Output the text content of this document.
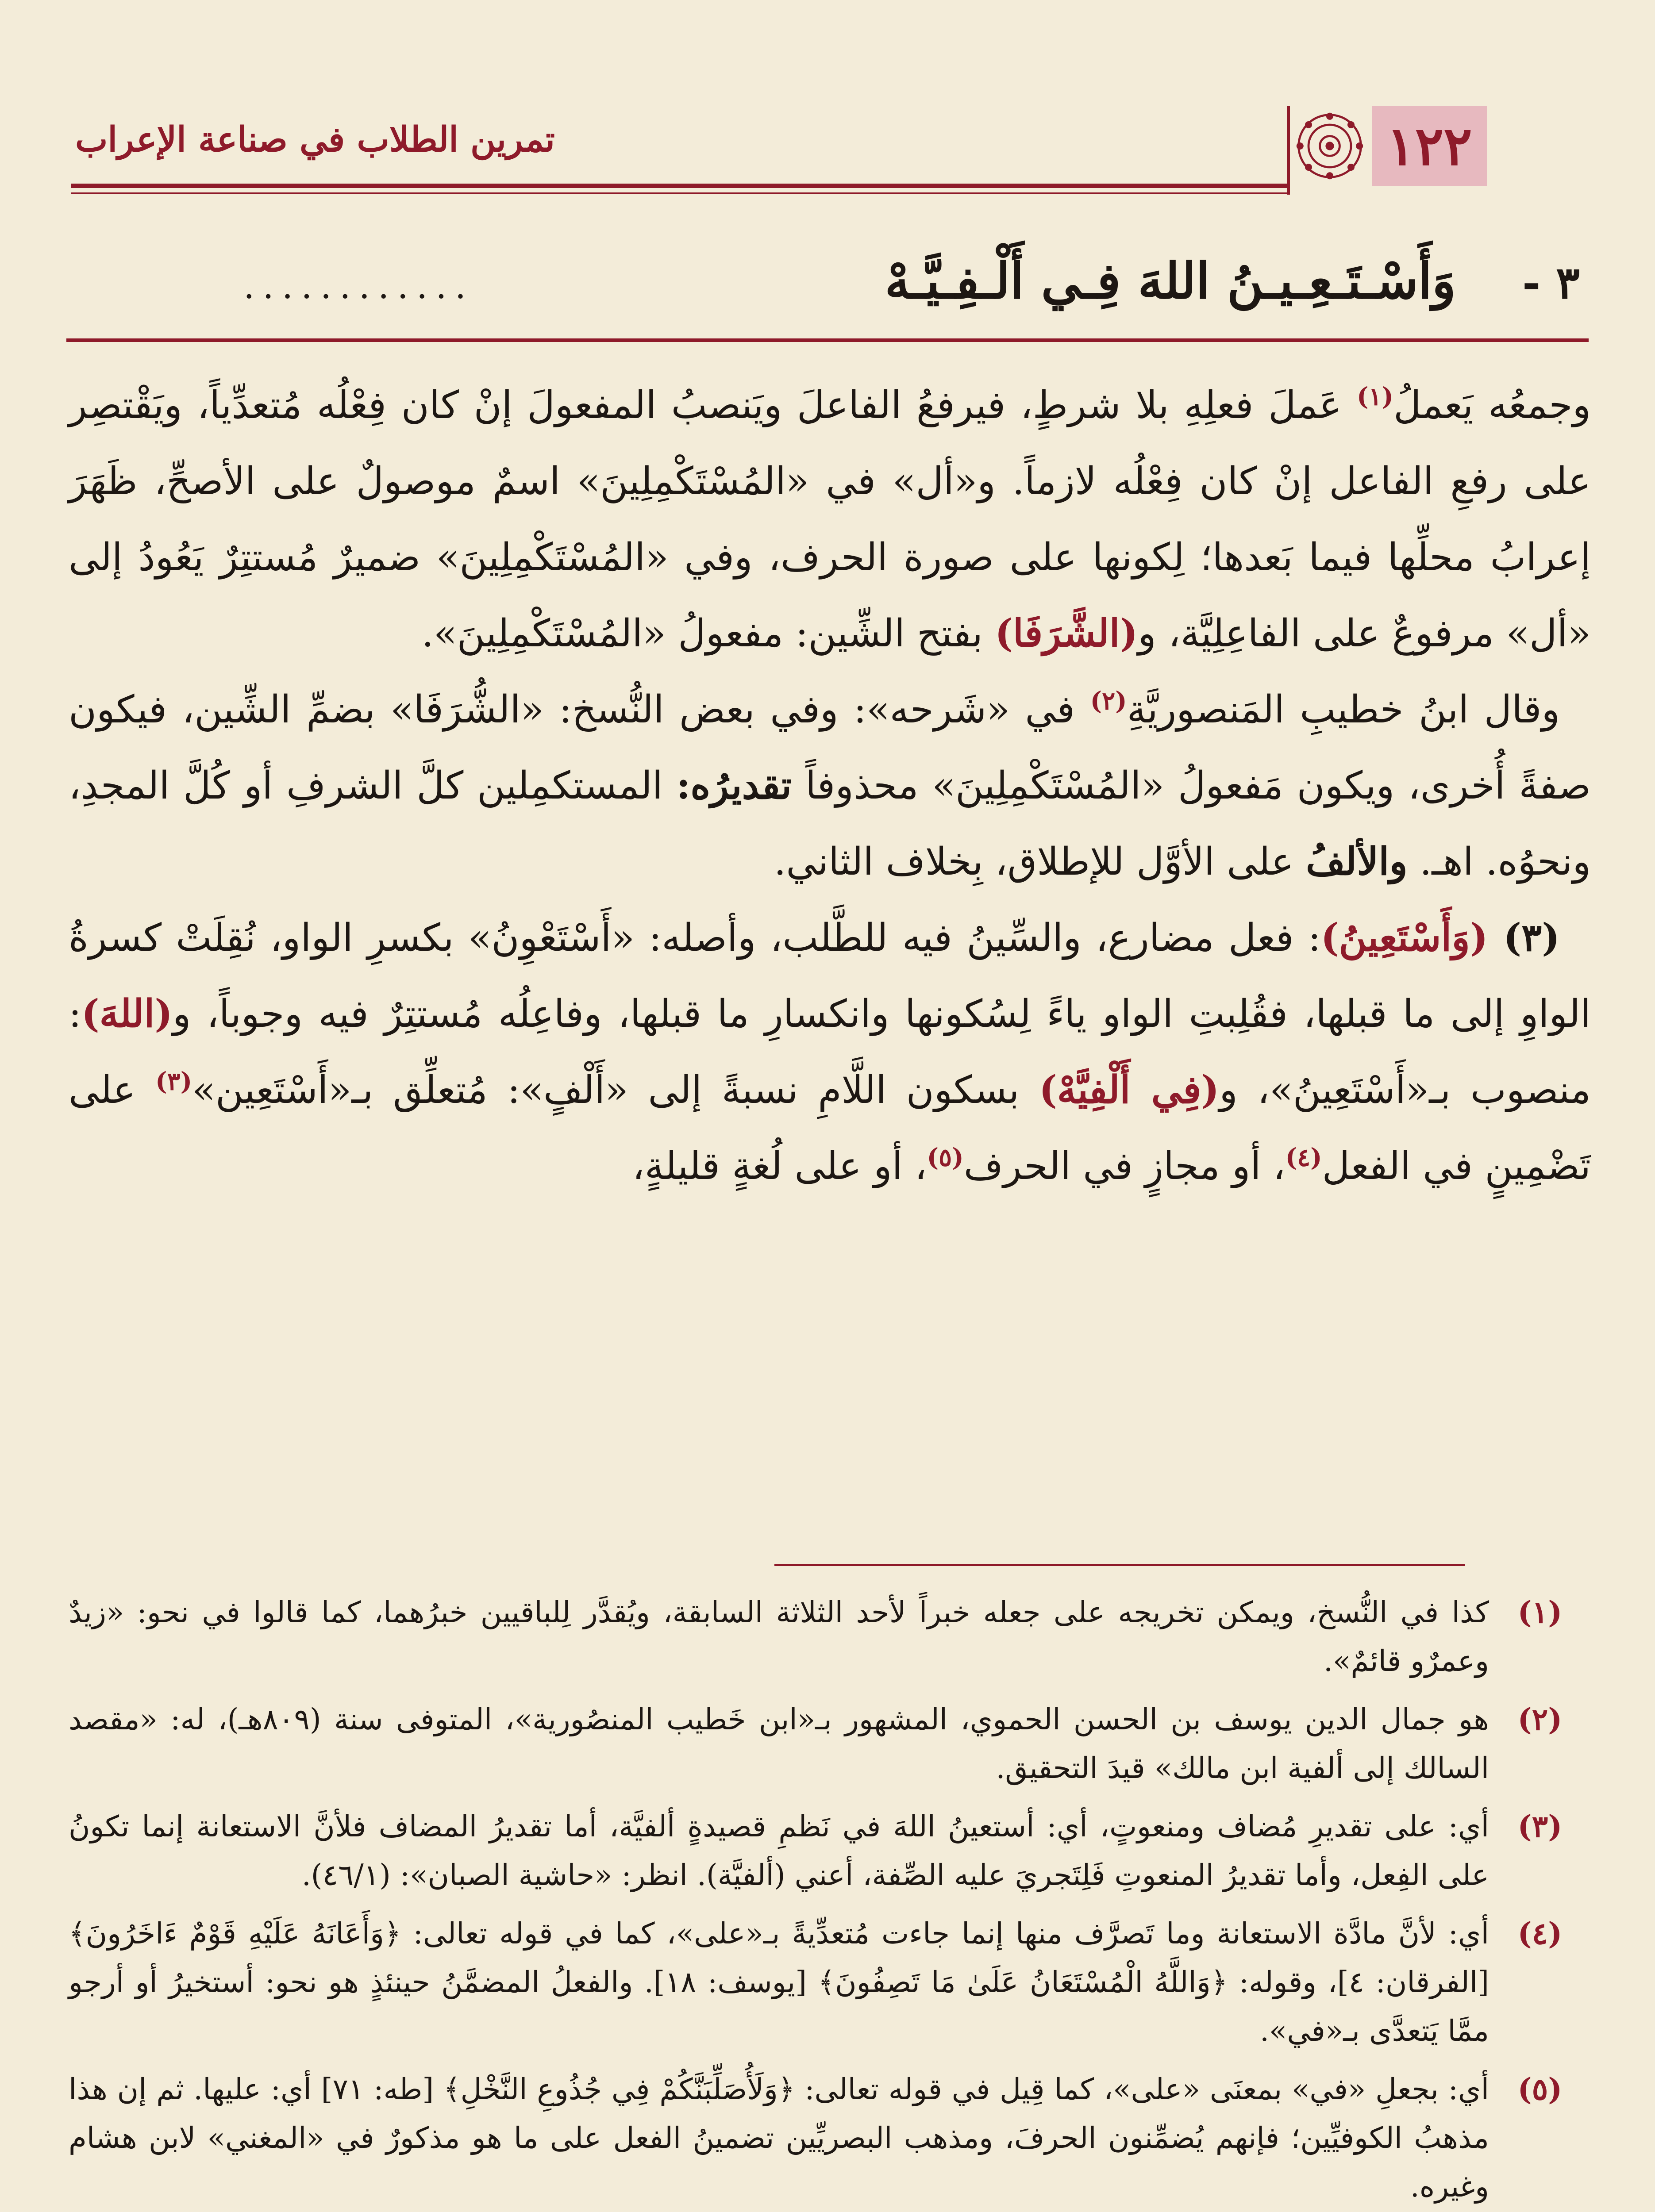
١٢٢
تمرين الطلاب في صناعة الإعراب
٣ -
وَأَسْـتَـعِـيـنُ اللهَ فِـي أَلْـفِـيَّـهْ
............

وجمعُه يَعملُ$^{(١)}$ عَملَ فعلِهِ بلا شرطٍ، فيرفعُ الفاعلَ ويَنصبُ المفعولَ إنْ كان فِعْلُه مُتعدِّياً، ويَقْتصِر على رفعِ الفاعل إنْ كان فِعْلُه لازماً. و«أل» في «المُسْتَكْمِلِينَ» اسمٌ موصولٌ على الأصحِّ، ظَهَرَ إعرابُ محلِّها فيما بَعدها؛ لِكونها على صورة الحرف، وفي «المُسْتَكْمِلِينَ» ضميرٌ مُستتِرٌ يَعُودُ إلى «أل» مرفوعٌ على الفاعِلِيَّة، و(الشَّرَفَا) بفتح الشِّين: مفعولُ «المُسْتَكْمِلِينَ».

وقال ابنُ خطيبِ المَنصوريَّةِ$^{(٢)}$ في «شَرحه»: وفي بعض النُّسخ: «الشُّرَفَا» بضمِّ الشِّين، فيكون صفةً أُخرى، ويكون مَفعولُ «المُسْتَكْمِلِينَ» محذوفاً تقديرُه: المستكمِلين كلَّ الشرفِ أو كُلَّ المجدِ، ونحوُه. اهـ. والألفُ على الأوَّل للإطلاق، بِخلاف الثاني.

(٣) (وَأَسْتَعِينُ): فعل مضارع، والسِّينُ فيه للطَّلب، وأصله: «أَسْتَعْوِنُ» بكسرِ الواو، نُقِلَتْ كسرةُ الواوِ إلى ما قبلها، فقُلِبتِ الواو ياءً لِسُكونها وانكسارِ ما قبلها، وفاعِلُه مُستتِرٌ فيه وجوباً، و(اللهَ): منصوب بـ«أَسْتَعِينُ»، و(فِي أَلْفِيَّهْ) بسكون اللَّامِ نسبةً إلى «أَلْفٍ»: مُتعلِّق بـ«أَسْتَعِين»$^{(٣)}$ على تَضْمِينٍ في الفعل$^{(٤)}$، أو مجازٍ في الحرف$^{(٥)}$، أو على لُغةٍ قليلةٍ،

(١)
كذا في النُّسخ، ويمكن تخريجه على جعله خبراً لأحد الثلاثة السابقة، ويُقدَّر لِلباقيين خبرُهما، كما قالوا في نحو: «زيدٌ وعمرٌو قائمٌ».
(٢)
هو جمال الدين يوسف بن الحسن الحموي، المشهور بـ«ابن خَطيب المنصُورية»، المتوفى سنة (٨٠٩هـ)، له: «مقصد السالك إلى ألفية ابن مالك» قيدَ التحقيق.
(٣)
أي: على تقديرِ مُضاف ومنعوتٍ، أي: أستعينُ اللهَ في نَظمِ قصيدةٍ ألفيَّة، أما تقديرُ المضاف فلأنَّ الاستعانة إنما تكونُ على الفِعل، وأما تقديرُ المنعوتِ فَلِتَجريَ عليه الصِّفة، أعني (ألفيَّة). انظر: «حاشية الصبان»: (٤٦/١).
(٤)
أي: لأنَّ مادَّة الاستعانة وما تَصرَّف منها إنما جاءت مُتعدِّيةً بـ«على»، كما في قوله تعالى: ﴿وَأَعَانَهُ عَلَيْهِ قَوْمٌ ءَاخَرُونَ﴾ [الفرقان: ٤]، وقوله: ﴿وَاللَّهُ الْمُسْتَعَانُ عَلَىٰ مَا تَصِفُونَ﴾ [يوسف: ١٨]. والفعلُ المضمَّنُ حينئذٍ هو نحو: أستخيرُ أو أرجو ممَّا يَتعدَّى بـ«في».
(٥)
أي: بجعلِ «في» بمعنَى «على»، كما قِيل في قوله تعالى: ﴿وَلَأُصَلِّبَنَّكُمْ فِي جُذُوعِ النَّخْلِ﴾ [طه: ٧١] أي: عليها. ثم إن هذا مذهبُ الكوفيِّين؛ فإنهم يُضمِّنون الحرفَ، ومذهب البصريِّين تضمينُ الفعل على ما هو مذكورٌ في «المغني» لابن هشام وغيره.
